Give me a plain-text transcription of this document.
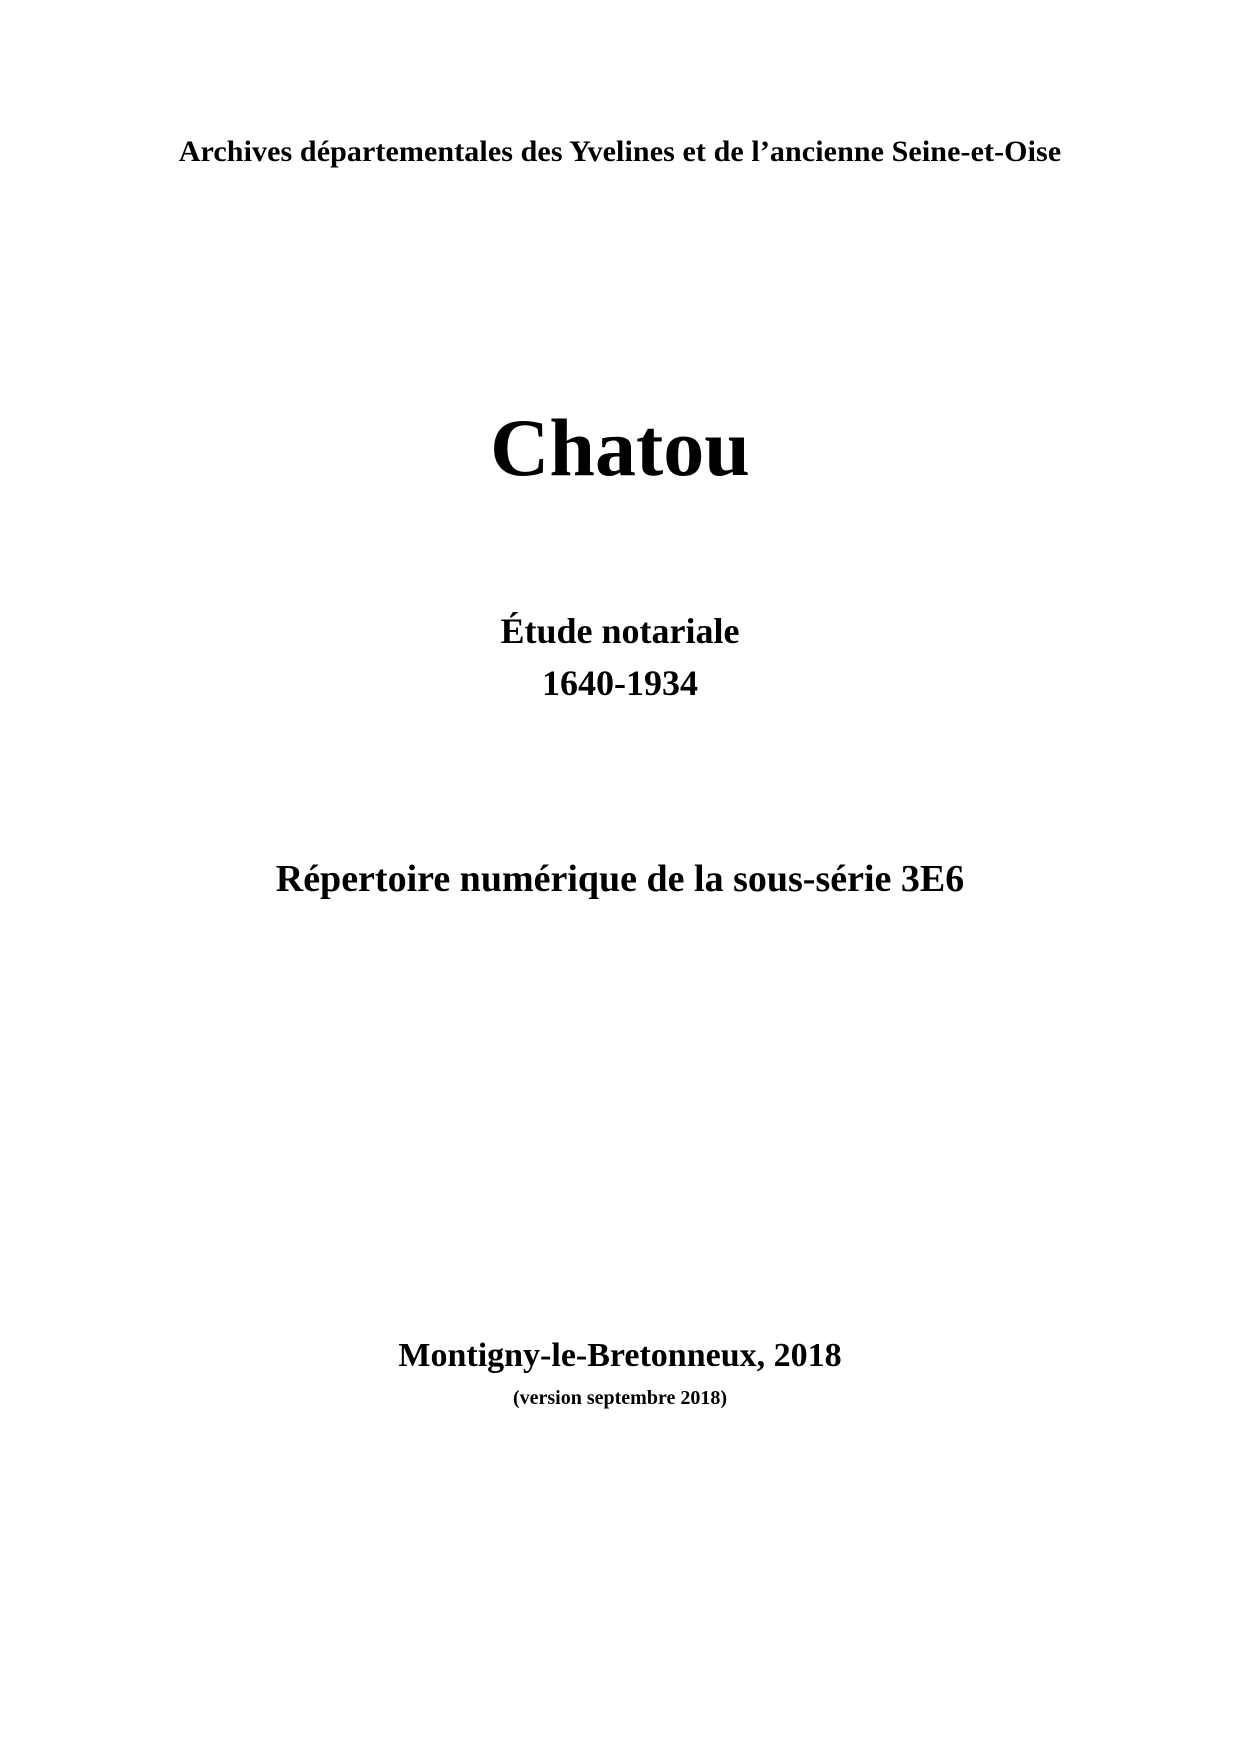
Archives départementales des Yvelines et de l’ancienne Seine-et-Oise
Chatou
Étude notariale
1640-1934
Répertoire numérique de la sous-série 3E6
Montigny-le-Bretonneux, 2018
(version septembre 2018)
